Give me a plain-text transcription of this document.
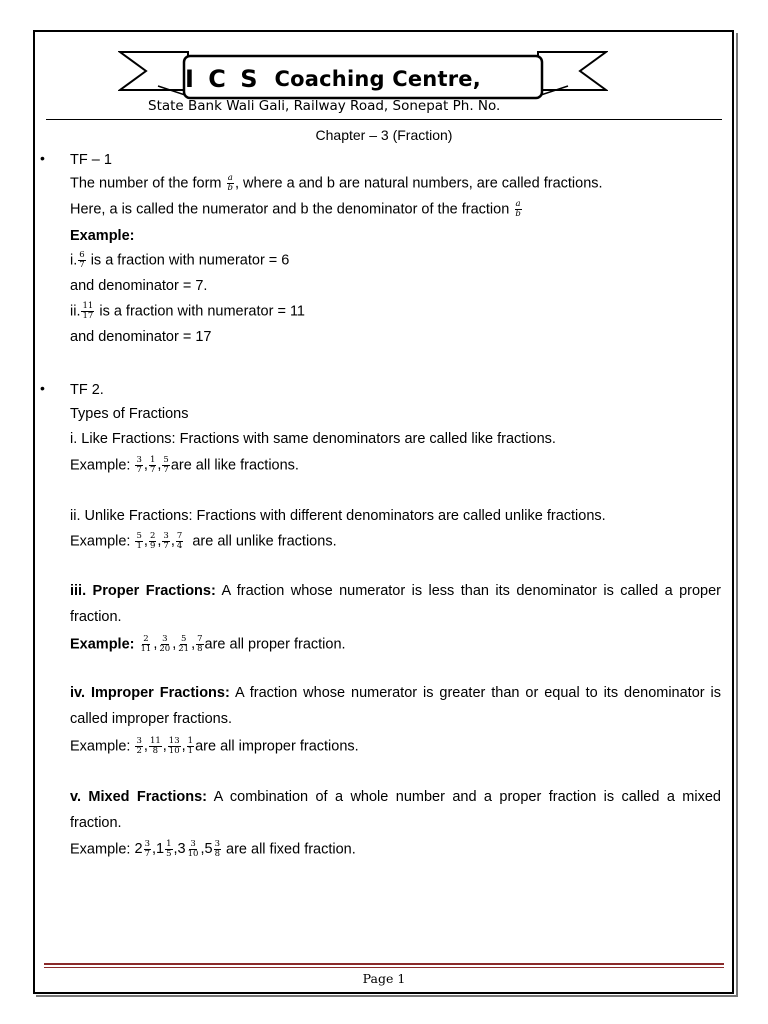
I C S Coaching Centre,
State Bank Wali Gali, Railway Road, Sonepat Ph. No.
Chapter – 3 (Fraction)
• TF – 1
The number of the form $\frac{a}{b}$ , where a and b are natural numbers, are called fractions.
Here, a is called the numerator and b the denominator of the fraction $\frac{a}{b}$
Example:
i. $\frac{6}{7}$ is a fraction with numerator = 6
and denominator = 7.
ii. $\frac{11}{17}$ is a fraction with numerator = 11
and denominator = 17
• TF 2.
Types of Fractions
i. Like Fractions: Fractions with same denominators are called like fractions.
Example: $\frac{3}{7}$ , $\frac{1}{7}$ , $\frac{5}{7}$ are all like fractions.
ii. Unlike Fractions: Fractions with different denominators are called unlike fractions.
Example: $\frac{5}{1}$ , $\frac{2}{9}$ , $\frac{3}{7}$ , $\frac{7}{4}$ are all unlike fractions.
iii. Proper Fractions: A fraction whose numerator is less than its denominator is called a proper fraction.
Example: $\frac{2}{11}$ , $\frac{3}{20}$ , $\frac{5}{21}$ , $\frac{7}{8}$ are all proper fraction.
iv. Improper Fractions: A fraction whose numerator is greater than or equal to its denominator is called improper fractions.
Example: $\frac{3}{2}$ , $\frac{11}{8}$ , $\frac{13}{10}$ , $\frac{1}{1}$ are all improper fractions.
v. Mixed Fractions: A combination of a whole number and a proper fraction is called a mixed fraction.
Example: $2 \frac{3}{7} ,1 \frac{1}{5} ,3 \frac{3}{10} ,5 \frac{3}{8}$ are all fixed fraction.
Page 1
